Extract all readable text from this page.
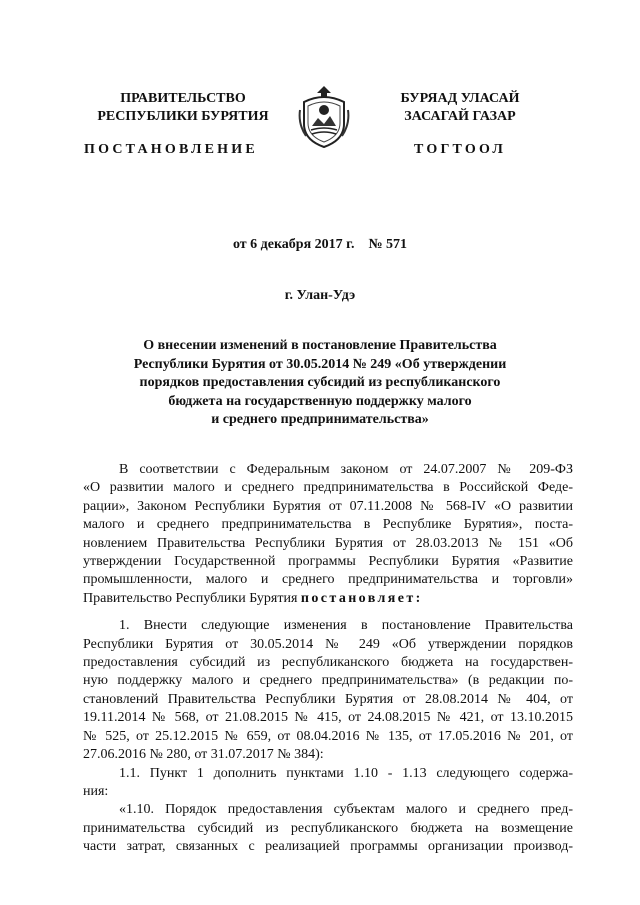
ПРАВИТЕЛЬСТВО
РЕСПУБЛИКИ БУРЯТИЯ
ПОСТАНОВЛЕНИЕ
БУРЯАД УЛАСАЙ
ЗАСАГАЙ ГАЗАР
ТОГТООЛ
от 6 декабря 2017 г.    № 571
г. Улан-Удэ
О внесении изменений в постановление Правительства
Республики Бурятия от 30.05.2014 № 249 «Об утверждении
порядков предоставления субсидий из республиканского
бюджета на государственную поддержку малого
и среднего предпринимательства»

В соответствии с Федеральным законом от 24.07.2007 № 209-ФЗ
«О развитии малого и среднего предпринимательства в Российской Феде-
рации», Законом Республики Бурятия от 07.11.2008 № 568-IV «О развитии
малого и среднего предпринимательства в Республике Бурятия», поста-
новлением Правительства Республики Бурятия от 28.03.2013 № 151 «Об
утверждении Государственной программы Республики Бурятия «Развитие
промышленности, малого и среднего предпринимательства и торговли»
Правительство Республики Бурятия постановляет:

1. Внести следующие изменения в постановление Правительства
Республики Бурятия от 30.05.2014 № 249 «Об утверждении порядков
предоставления субсидий из республиканского бюджета на государствен-
ную поддержку малого и среднего предпринимательства» (в редакции по-
становлений Правительства Республики Бурятия от 28.08.2014 № 404, от
19.11.2014 № 568, от 21.08.2015 № 415, от 24.08.2015 № 421, от 13.10.2015
№ 525, от 25.12.2015 № 659, от 08.04.2016 № 135, от 17.05.2016 № 201, от
27.06.2016 № 280, от 31.07.2017 № 384):
1.1. Пункт 1 дополнить пунктами 1.10 - 1.13 следующего содержа-
ния:
«1.10. Порядок предоставления субъектам малого и среднего пред-
принимательства субсидий из республиканского бюджета на возмещение
части затрат, связанных с реализацией программы организации производ-
